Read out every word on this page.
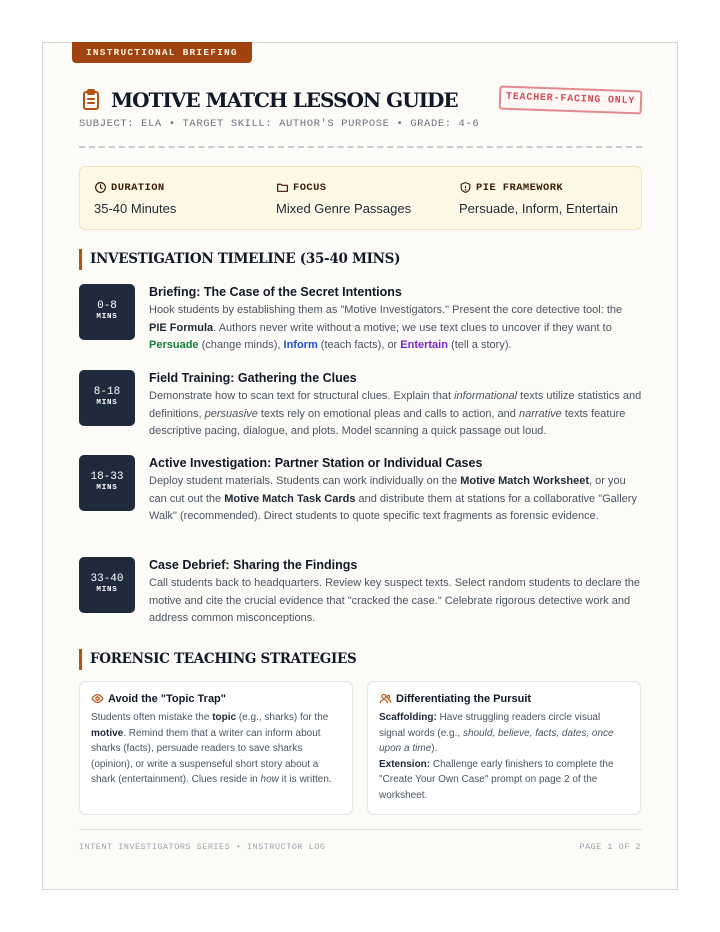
INSTRUCTIONAL BRIEFING
TEACHER-FACING ONLY
MOTIVE MATCH LESSON GUIDE
SUBJECT: ELA • TARGET SKILL: AUTHOR'S PURPOSE • GRADE: 4-6
DURATION
35-40 Minutes
FOCUS
Mixed Genre Passages
PIE FRAMEWORK
Persuade, Inform, Entertain
INVESTIGATION TIMELINE (35-40 MINS)
0-8
MINS
Briefing: The Case of the Secret Intentions
Hook students by establishing them as "Motive Investigators." Present the core detective tool: the PIE Formula. Authors never write without a motive; we use text clues to uncover if they want to Persuade (change minds), Inform (teach facts), or Entertain (tell a story).
8-18
MINS
Field Training: Gathering the Clues
Demonstrate how to scan text for structural clues. Explain that informational texts utilize statistics and definitions, persuasive texts rely on emotional pleas and calls to action, and narrative texts feature descriptive pacing, dialogue, and plots. Model scanning a quick passage out loud.
18-33
MINS
Active Investigation: Partner Station or Individual Cases
Deploy student materials. Students can work individually on the Motive Match Worksheet, or you can cut out the Motive Match Task Cards and distribute them at stations for a collaborative "Gallery Walk" (recommended). Direct students to quote specific text fragments as forensic evidence.
33-40
MINS
Case Debrief: Sharing the Findings
Call students back to headquarters. Review key suspect texts. Select random students to declare the motive and cite the crucial evidence that "cracked the case." Celebrate rigorous detective work and address common misconceptions.
FORENSIC TEACHING STRATEGIES
Avoid the "Topic Trap"
Students often mistake the topic (e.g., sharks) for the motive. Remind them that a writer can inform about sharks (facts), persuade readers to save sharks (opinion), or write a suspenseful short story about a shark (entertainment). Clues reside in how it is written.
Differentiating the Pursuit
Scaffolding: Have struggling readers circle visual signal words (e.g., should, believe, facts, dates, once upon a time).
Extension: Challenge early finishers to complete the "Create Your Own Case" prompt on page 2 of the worksheet.
INTENT INVESTIGATORS SERIES • INSTRUCTOR LOG	PAGE 1 OF 2
